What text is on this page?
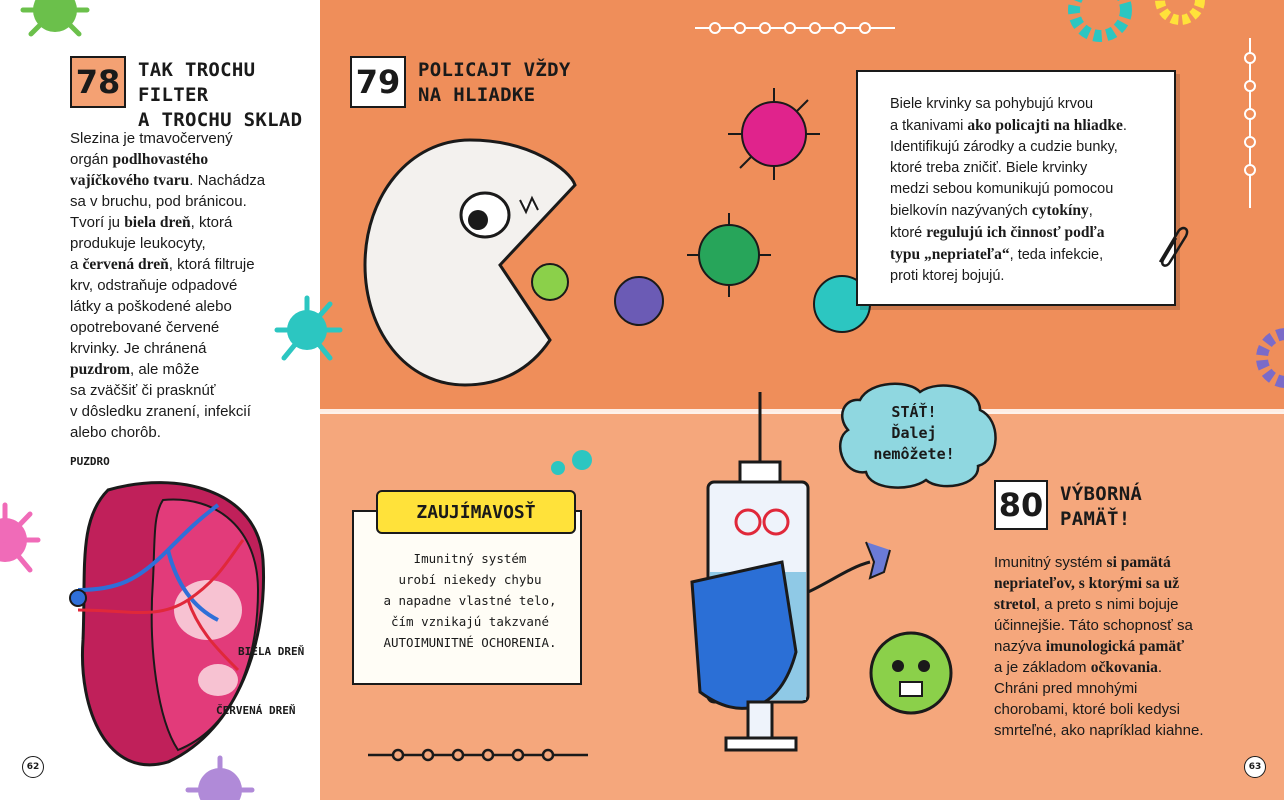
78 TAK TROCHU FILTER
A TROCHU SKLAD
Slezina je tmavočervený
orgán podlhovastého
vajíčkového tvaru. Nachádza
sa v bruchu, pod bránicou.
Tvorí ju biela dreň, ktorá
produkuje leukocyty,
a červená dreň, ktorá filtruje
krv, odstraňuje odpadové
látky a poškodené alebo
opotrebované červené
krvinky. Je chránená
puzdrom, ale môže
sa zväčšiť či prasknúť
v dôsledku zranení, infekcií
alebo chorôb.
PUZDRO
BIELA DREŇ
ČERVENÁ DREŇ
62
79 POLICAJT VŽDY
NA HLIADKE	Biele krvinky sa pohybujú krvou
a tkanivami ako policajti na hliadke.
Identifikujú zárodky a cudzie bunky,
ktoré treba zničiť. Biele krvinky
medzi sebou komunikujú pomocou
bielkovín nazývaných cytokíny,
ktoré regulujú ich činnosť podľa
typu „nepriateľa“, teda infekcie,
proti ktorej bojujú.
ZAUJÍMAVOSŤ
Imunitný systém
urobí niekedy chybu
a napadne vlastné telo,
čím vznikajú takzvané
AUTOIMUNITNÉ OCHORENIA.
STÁŤ!
Ďalej
nemôžete!
80 VÝBORNÁ
PAMÄŤ!
Imunitný systém si pamätá
nepriateľov, s ktorými sa už
stretol, a preto s nimi bojuje
účinnejšie. Táto schopnosť sa
nazýva imunologická pamäť
a je základom očkovania.
Chráni pred mnohými
chorobami, ktoré boli kedysi
smrteľné, ako napríklad kiahne.
63
